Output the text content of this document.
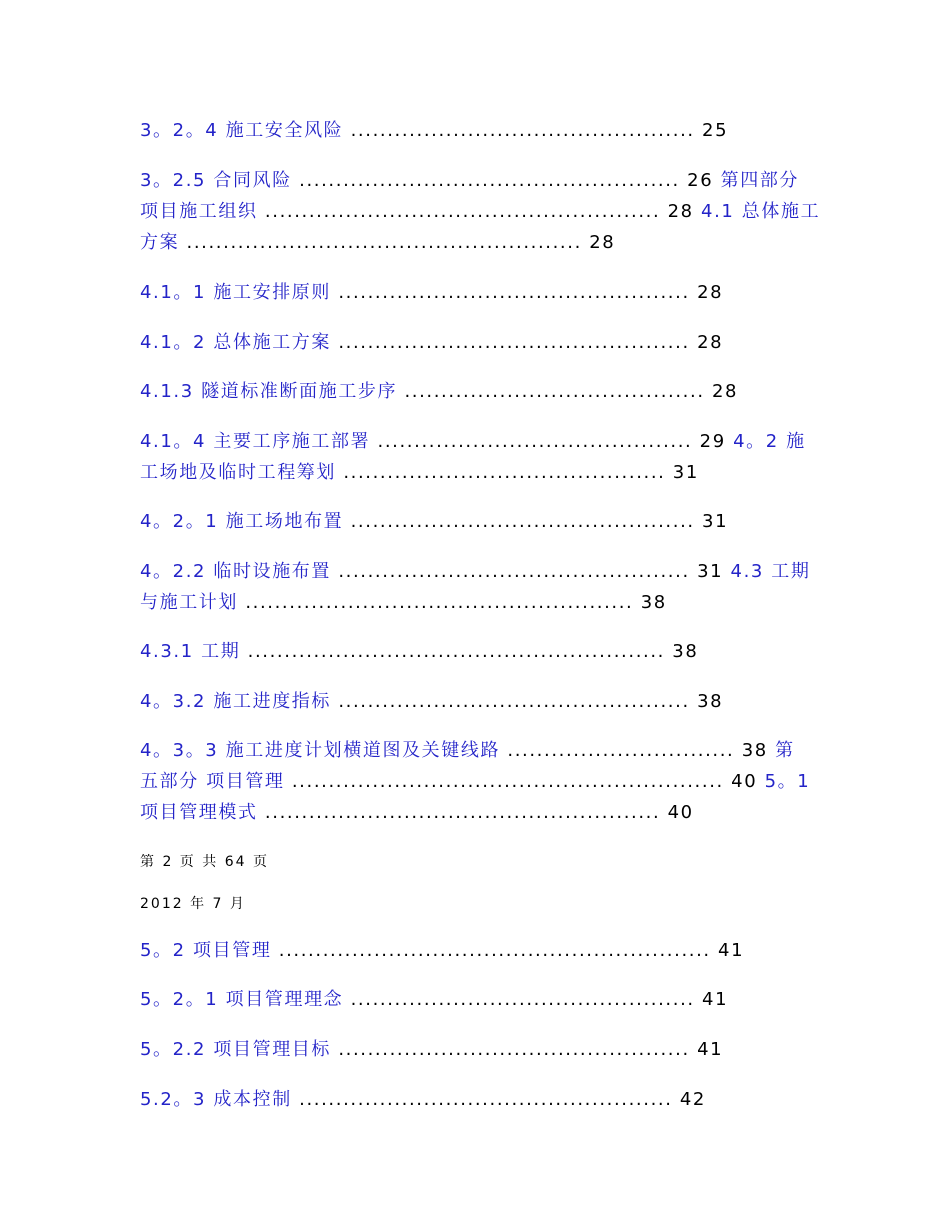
3。2。4 施工安全风险 ............................................... 25
3。2.5 合同风险 .................................................... 26 第四部分
项目施工组织 ...................................................... 28 4.1 总体施工
方案 ...................................................... 28
4.1。1 施工安排原则 ................................................ 28
4.1。2 总体施工方案 ................................................ 28
4.1.3 隧道标准断面施工步序 ......................................... 28
4.1。4 主要工序施工部署 ........................................... 29 4。2 施
工场地及临时工程筹划 ............................................ 31
4。2。1 施工场地布置 ............................................... 31
4。2.2 临时设施布置 ................................................ 31 4.3 工期
与施工计划 ..................................................... 38
4.3.1 工期 ......................................................... 38
4。3.2 施工进度指标 ................................................ 38
4。3。3 施工进度计划横道图及关键线路 ............................... 38 第
五部分 项目管理 ........................................................... 40 5。1
项目管理模式 ...................................................... 40
第 2 页 共 64 页
2012 年 7 月
5。2 项目管理 ........................................................... 41
5。2。1 项目管理理念 ............................................... 41
5。2.2 项目管理目标 ................................................ 41
5.2。3 成本控制 ................................................... 42
